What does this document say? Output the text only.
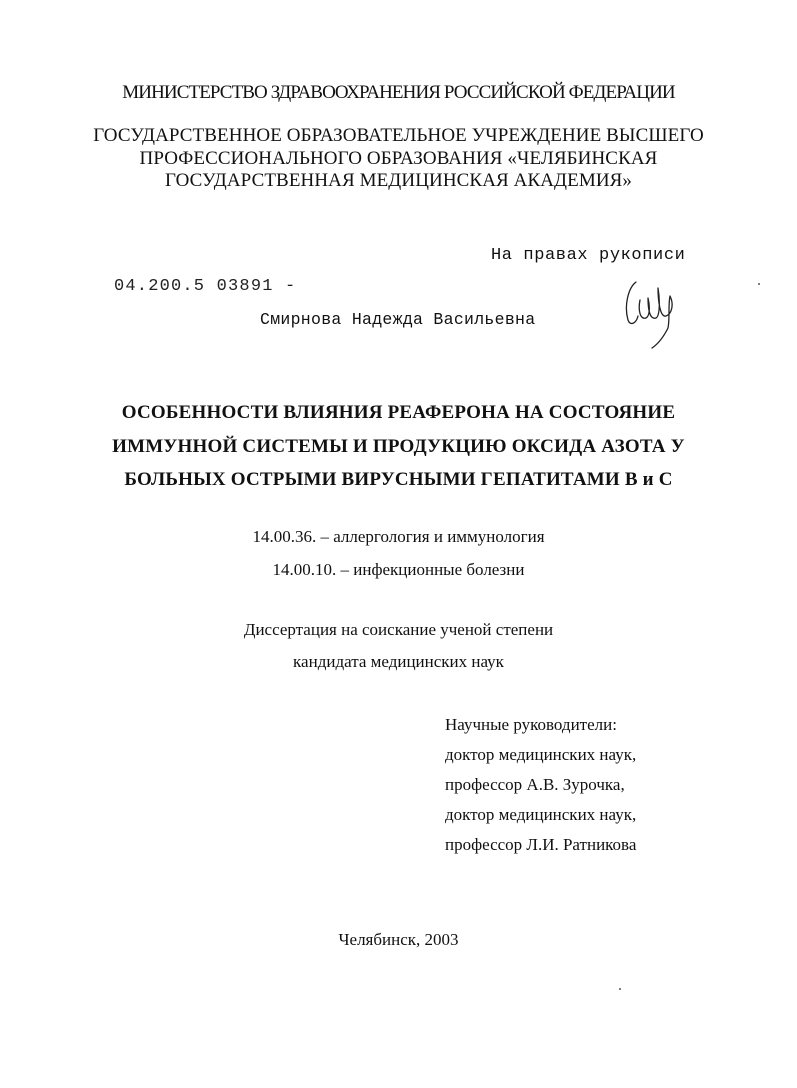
МИНИСТЕРСТВО ЗДРАВООХРАНЕНИЯ РОССИЙСКОЙ ФЕДЕРАЦИИ
ГОСУДАРСТВЕННОЕ ОБРАЗОВАТЕЛЬНОЕ УЧРЕЖДЕНИЕ ВЫСШЕГО
ПРОФЕССИОНАЛЬНОГО ОБРАЗОВАНИЯ «ЧЕЛЯБИНСКАЯ
ГОСУДАРСТВЕННАЯ МЕДИЦИНСКАЯ АКАДЕМИЯ»
На правах рукописи
04.200.5 03891 -
Смирнова Надежда Васильевна
ОСОБЕННОСТИ ВЛИЯНИЯ РЕАФЕРОНА НА СОСТОЯНИЕ
ИММУННОЙ СИСТЕМЫ И ПРОДУКЦИЮ ОКСИДА АЗОТА У
БОЛЬНЫХ ОСТРЫМИ ВИРУСНЫМИ ГЕПАТИТАМИ В и С
14.00.36. – аллергология и иммунология
14.00.10. – инфекционные болезни
Диссертация на соискание ученой степени
кандидата медицинских наук
Научные руководители:
доктор медицинских наук,
профессор А.В. Зурочка,
доктор медицинских наук,
профессор Л.И. Ратникова
Челябинск, 2003
